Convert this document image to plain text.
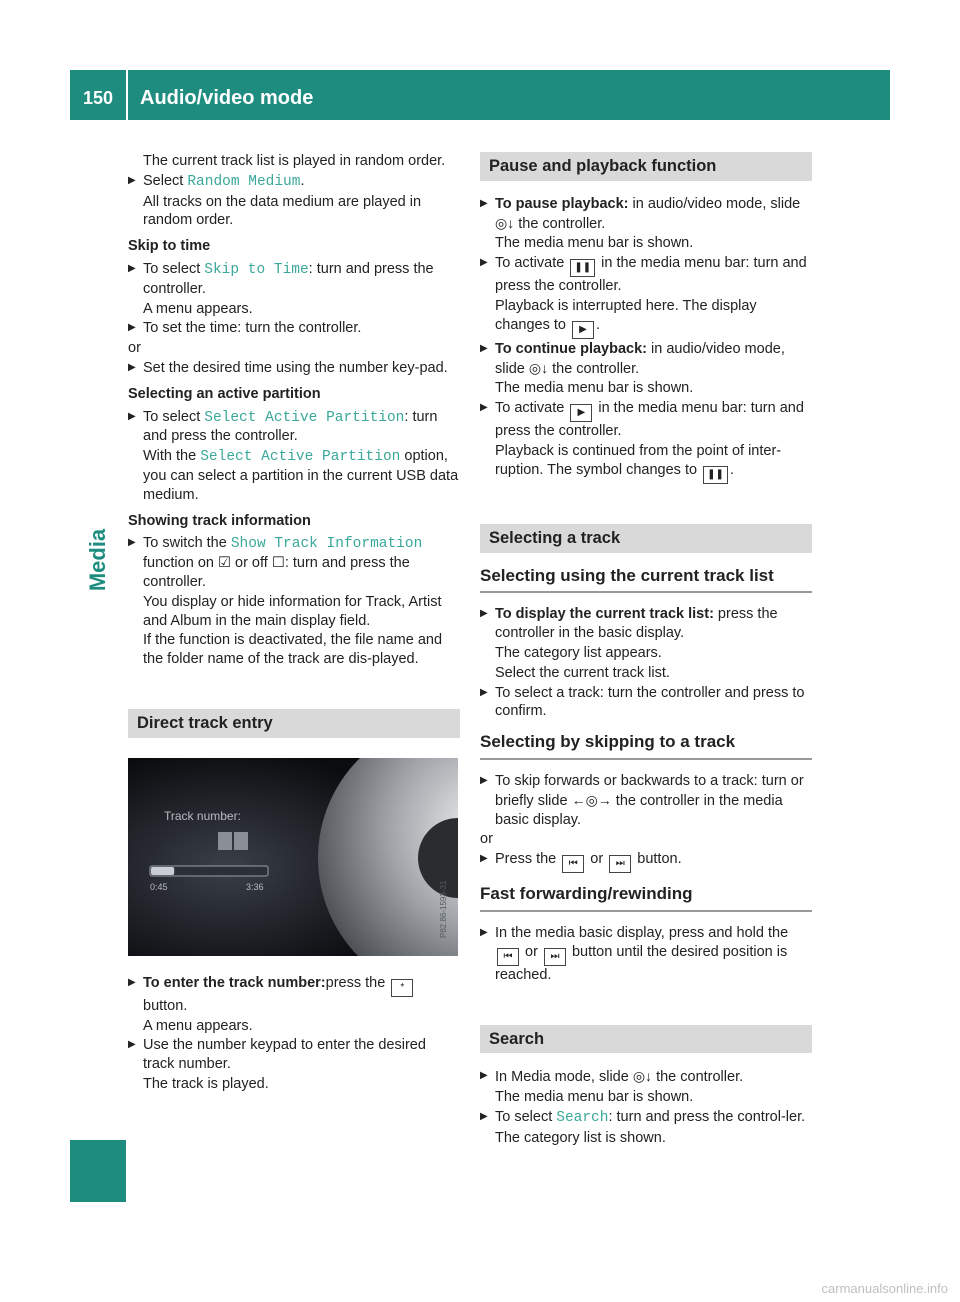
150	Audio/video mode
Media

The current track list is played in random order.

▶ Select Random Medium.

All tracks on the data medium are played in random order.

Skip to time

▶ To select Skip to Time: turn and press the controller.

A menu appears.

▶ To set the time: turn the controller.

or

▶ Set the desired time using the number key-pad.

Selecting an active partition

▶ To select Select Active Partition: turn and press the controller.

With the Select Active Partition option, you can select a partition in the current USB data medium.

Showing track information

▶ To switch the Show Track Information function on ☑ or off ☐: turn and press the controller.

You display or hide information for Track, Artist and Album in the main display field.

If the function is deactivated, the file name and the folder name of the track are dis-played.

Direct track entry
Track number:
0:45	3:36	P82.86-1593-31

▶ To enter the track number:press the * button.

A menu appears.

▶ Use the number keypad to enter the desired track number.

The track is played.

Pause and playback function

▶ To pause playback: in audio/video mode, slide ◎↓ the controller.

The media menu bar is shown.

▶ To activate ❚❚ in the media menu bar: turn and press the controller.

Playback is interrupted here. The display changes to ▶ .

▶ To continue playback: in audio/video mode, slide ◎↓ the controller.

The media menu bar is shown.

▶ To activate ▶ in the media menu bar: turn and press the controller.

Playback is continued from the point of inter-ruption. The symbol changes to ❚❚ .

Selecting a track
Selecting using the current track list

▶ To display the current track list: press the controller in the basic display.

The category list appears.

Select the current track list.

▶ To select a track: turn the controller and press to confirm.

Selecting by skipping to a track

▶ To skip forwards or backwards to a track: turn or briefly slide ←◎→ the controller in the media basic display.

or

▶ Press the ⏮ or ⏭ button.

Fast forwarding/rewinding

▶ In the media basic display, press and hold the ⏮ or ⏭ button until the desired position is reached.

Search

▶ In Media mode, slide ◎↓ the controller.

The media menu bar is shown.

▶ To select Search: turn and press the control-ler.

The category list is shown.

carmanualsonline.info
